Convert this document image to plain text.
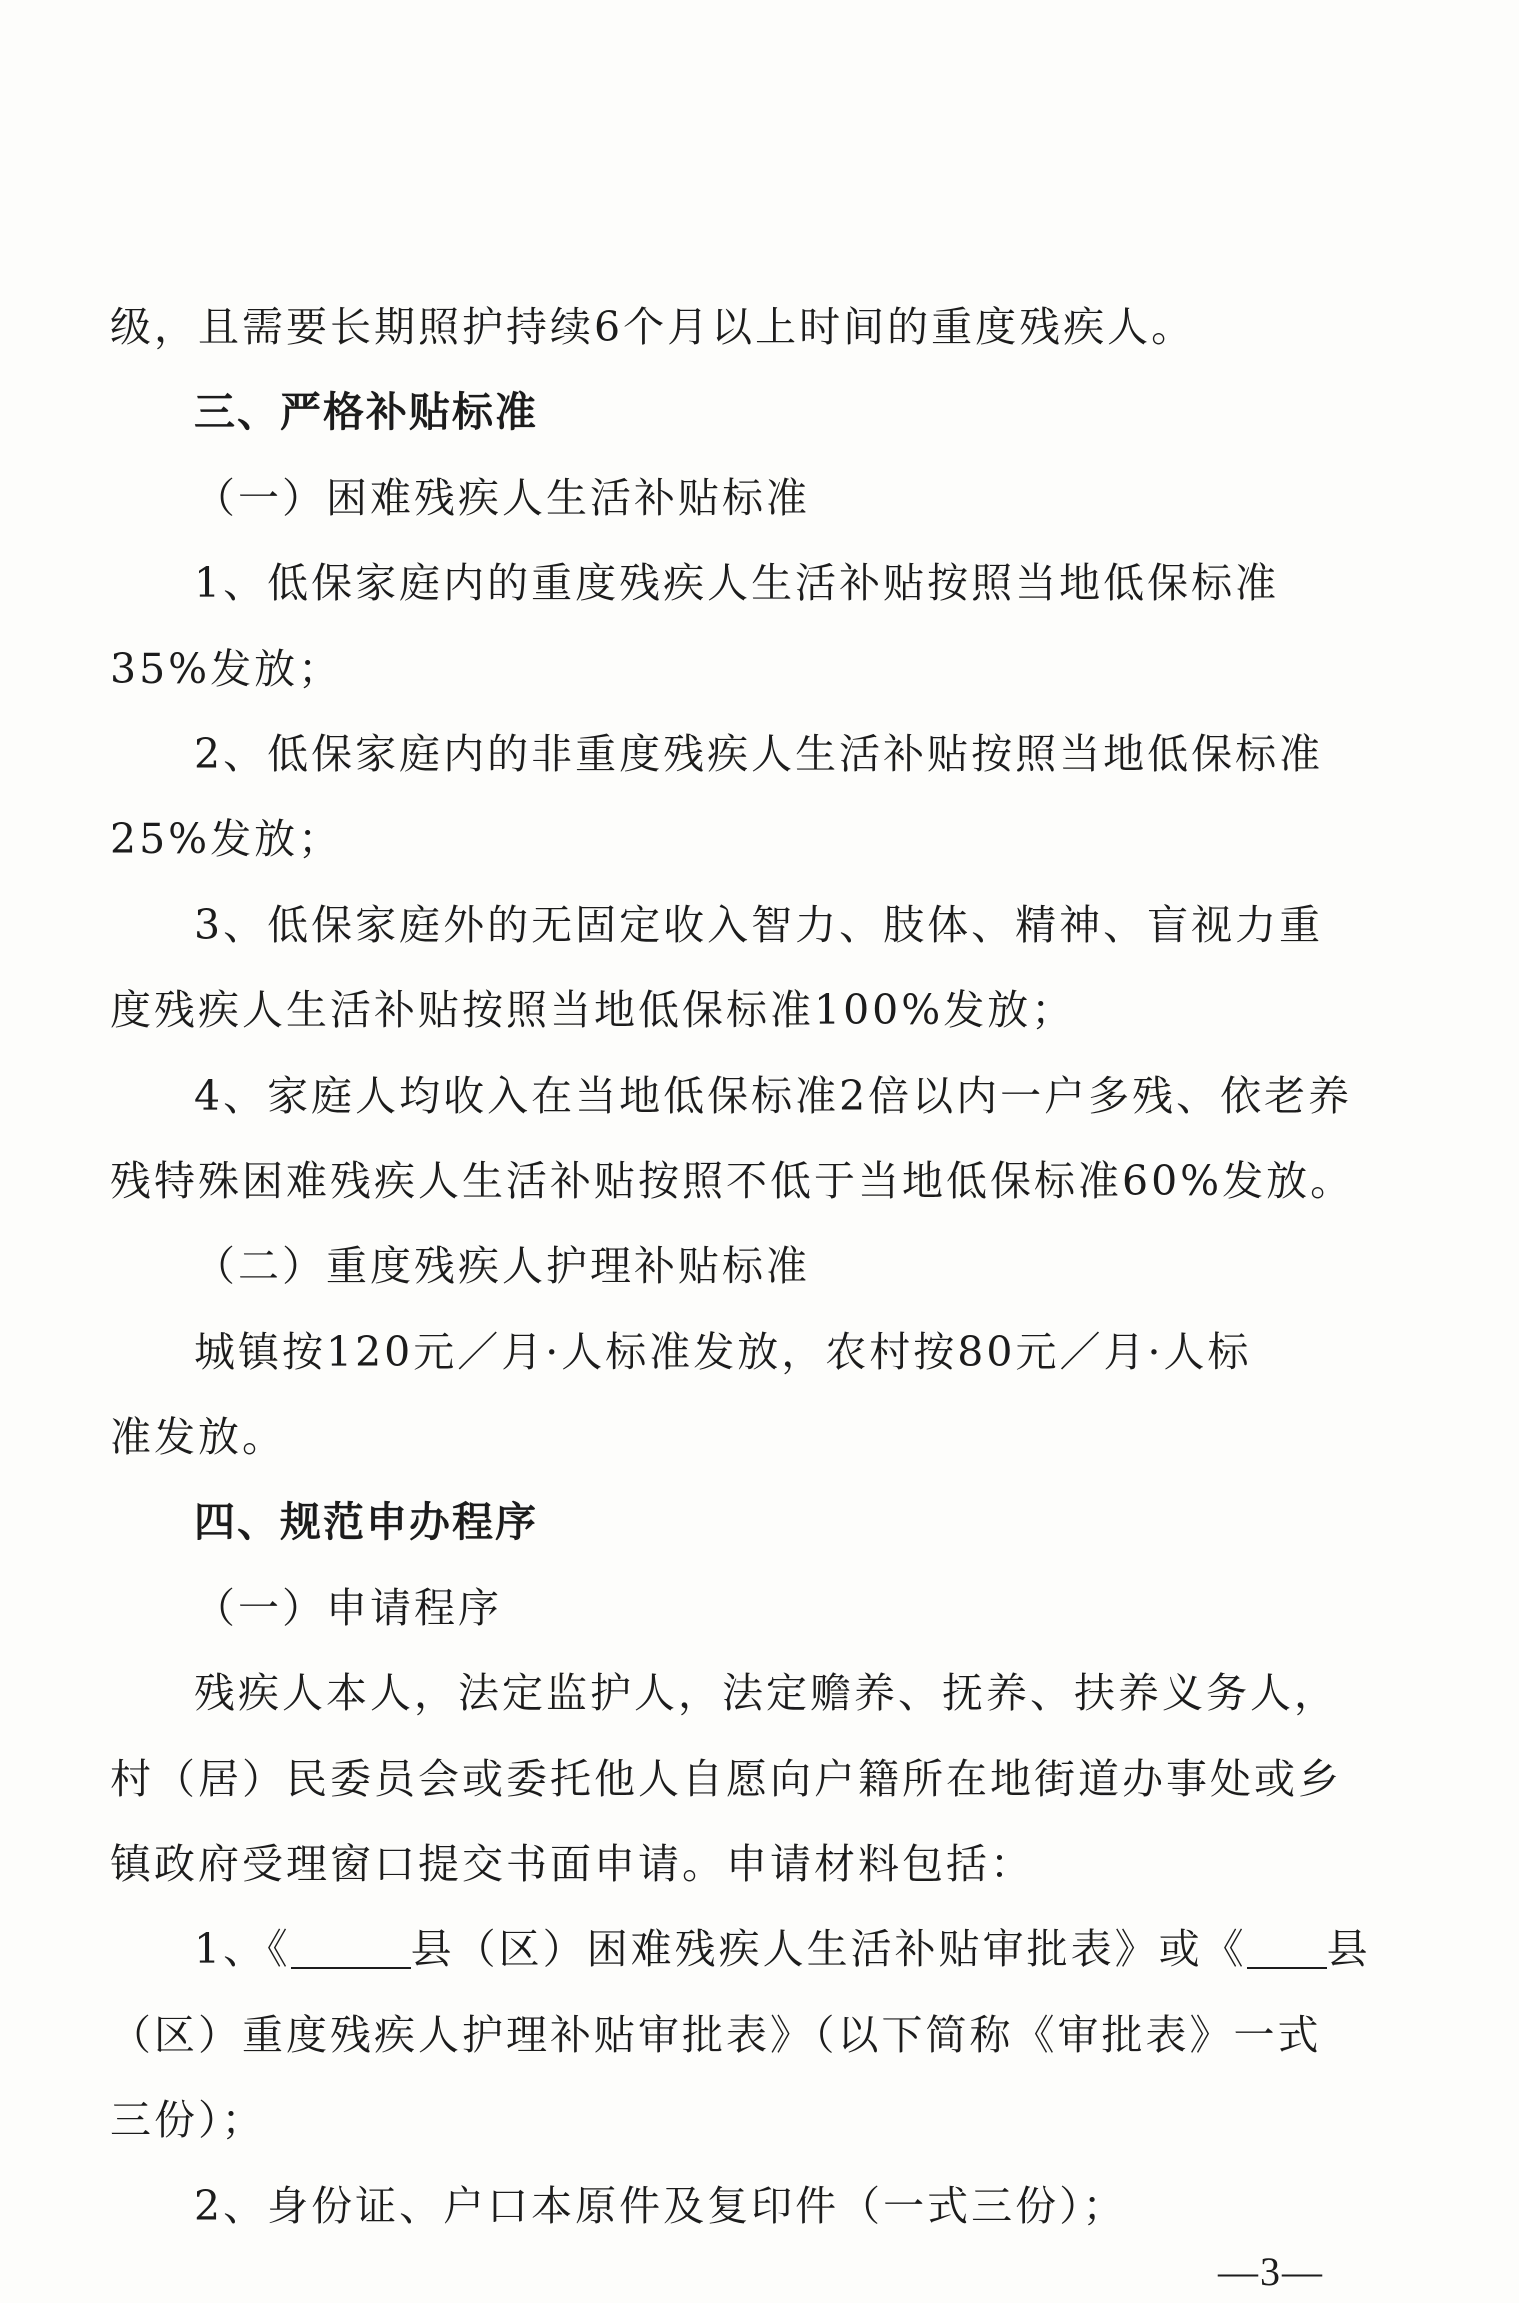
级，且需要长期照护持续6个月以上时间的重度残疾人。
三、严格补贴标准
（一）困难残疾人生活补贴标准
1、低保家庭内的重度残疾人生活补贴按照当地低保标准
35%发放；
2、低保家庭内的非重度残疾人生活补贴按照当地低保标准
25%发放；
3、低保家庭外的无固定收入智力、肢体、精神、盲视力重
度残疾人生活补贴按照当地低保标准100%发放；
4、家庭人均收入在当地低保标准2倍以内一户多残、依老养
残特殊困难残疾人生活补贴按照不低于当地低保标准60%发放。
（二）重度残疾人护理补贴标准
城镇按120元／月·人标准发放，农村按80元／月·人标
准发放。
四、规范申办程序
（一）申请程序
残疾人本人，法定监护人，法定赡养、抚养、扶养义务人，
村（居）民委员会或委托他人自愿向户籍所在地街道办事处或乡
镇政府受理窗口提交书面申请。申请材料包括：
1、《	县（区）困难残疾人生活补贴审批表》或《 县
（区）重度残疾人护理补贴审批表》（以下简称《审批表》一式
三份）；
2、身份证、户口本原件及复印件（一式三份）；
—3—
